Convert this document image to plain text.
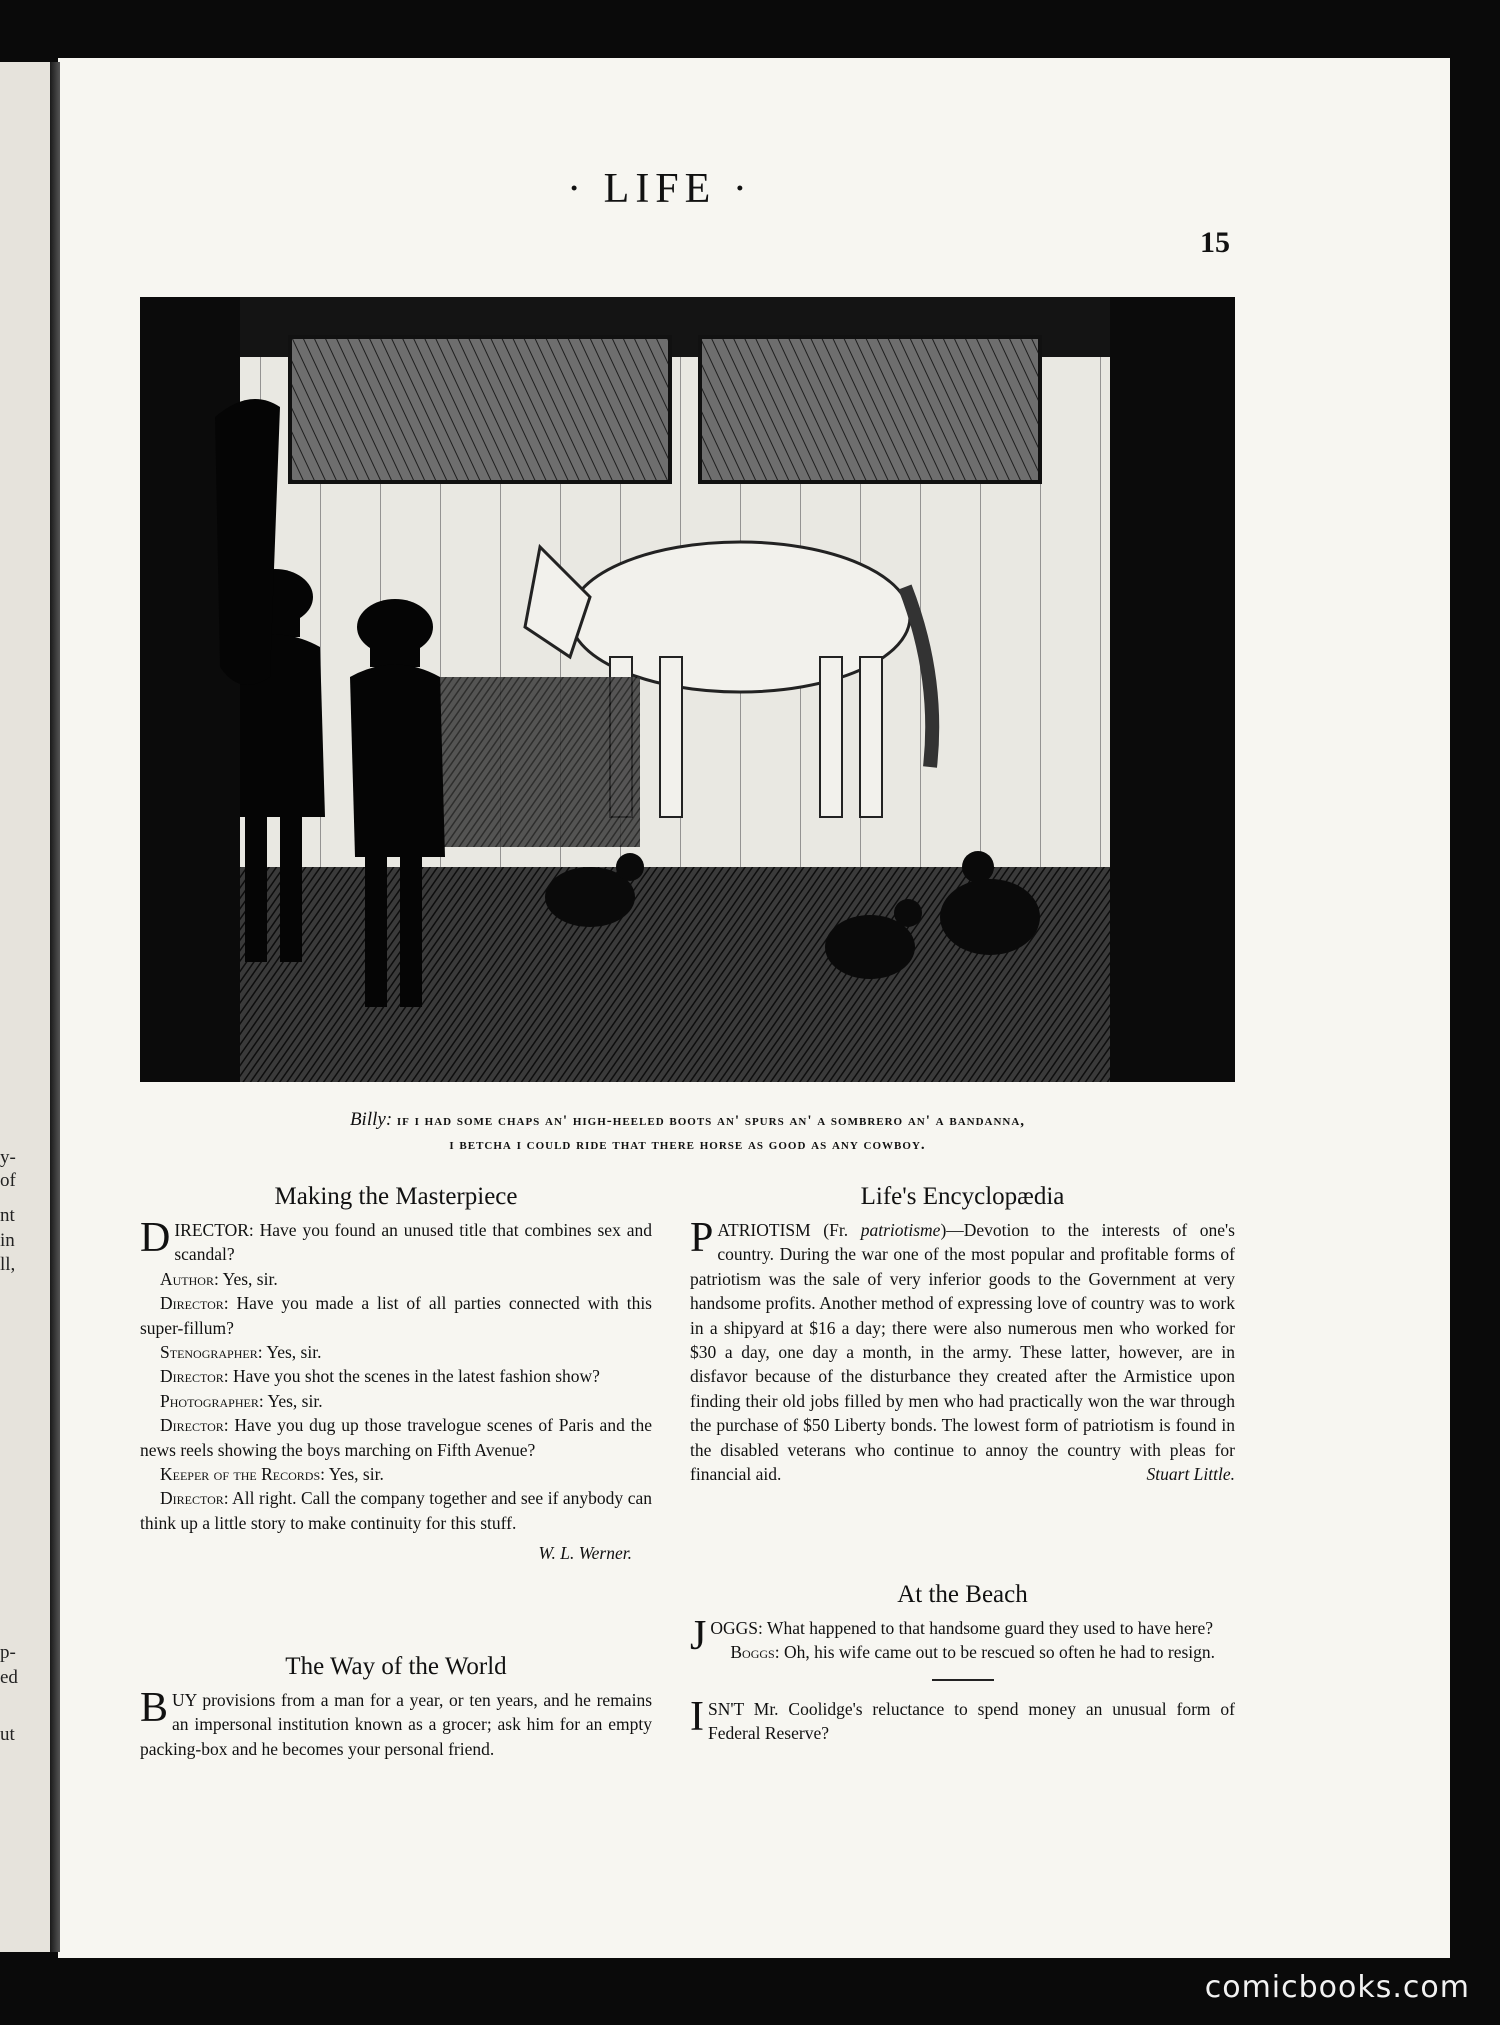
y-
of
nt
in
ll,
p-
ed
ut
· LIFE ·
15
Billy: if i had some chaps an' high-heeled boots an' spurs an' a sombrero an' a bandanna,
i betcha i could ride that there horse as good as any cowboy.
Making the Masterpiece

DIRECTOR: Have you found an unused title that combines sex and scandal?

Author: Yes, sir.

Director: Have you made a list of all parties connected with this super-fillum?

Stenographer: Yes, sir.

Director: Have you shot the scenes in the latest fashion show?

Photographer: Yes, sir.

Director: Have you dug up those travelogue scenes of Paris and the news reels showing the boys marching on Fifth Avenue?

Keeper of the Records: Yes, sir.

Director: All right. Call the company together and see if anybody can think up a little story to make continuity for this stuff.

W. L. Werner.
The Way of the World

BUY provisions from a man for a year, or ten years, and he remains an impersonal institution known as a grocer; ask him for an empty packing-box and he becomes your personal friend.

Life's Encyclopædia

PATRIOTISM (Fr. patriotisme)—Devotion to the interests of one's country. During the war one of the most popular and profitable forms of patriotism was the sale of very inferior goods to the Government at very handsome profits. Another method of expressing love of country was to work in a shipyard at $16 a day; there were also numerous men who worked for $30 a day, one day a month, in the army. These latter, however, are in disfavor because of the disturbance they created after the Armistice upon finding their old jobs filled by men who had practically won the war through the purchase of $50 Liberty bonds. The lowest form of patriotism is found in the disabled veterans who continue to annoy the country with pleas for financial aid.	Stuart Little.

At the Beach

JOGGS: What happened to that handsome guard they used to have here?

Boggs: Oh, his wife came out to be rescued so often he had to resign.

ISN'T Mr. Coolidge's reluctance to spend money an unusual form of Federal Reserve?

comicbooks.com
